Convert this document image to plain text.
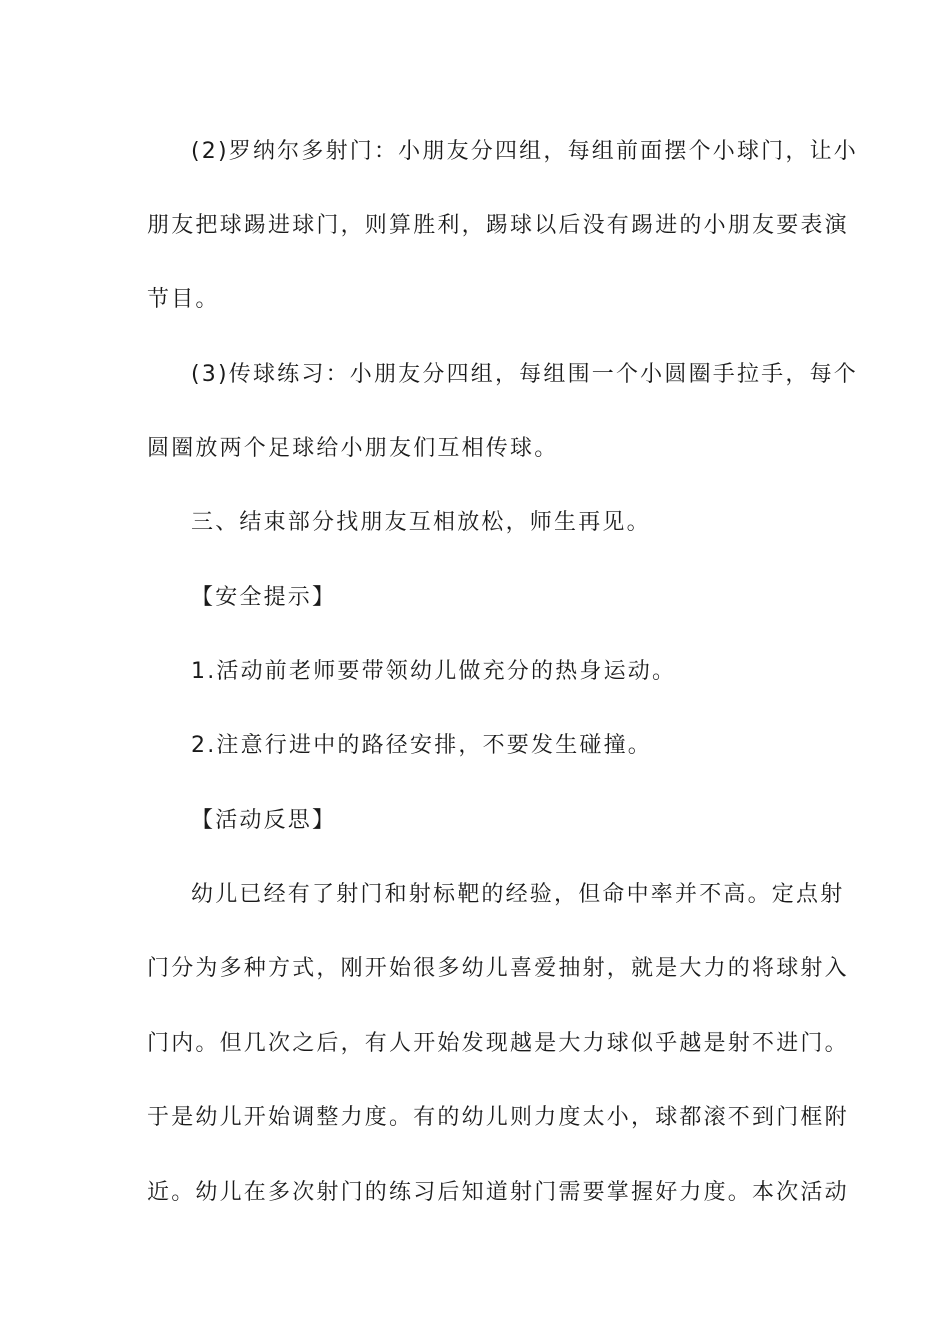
(2)罗纳尔多射门：小朋友分四组，每组前面摆个小球门，让小
朋友把球踢进球门，则算胜利，踢球以后没有踢进的小朋友要表演
节目。
(3)传球练习：小朋友分四组，每组围一个小圆圈手拉手，每个
圆圈放两个足球给小朋友们互相传球。
三、结束部分找朋友互相放松，师生再见。
【安全提示】
1.活动前老师要带领幼儿做充分的热身运动。
2.注意行进中的路径安排，不要发生碰撞。
【活动反思】
幼儿已经有了射门和射标靶的经验，但命中率并不高。定点射
门分为多种方式，刚开始很多幼儿喜爱抽射，就是大力的将球射入
门内。但几次之后，有人开始发现越是大力球似乎越是射不进门。
于是幼儿开始调整力度。有的幼儿则力度太小，球都滚不到门框附
近。幼儿在多次射门的练习后知道射门需要掌握好力度。本次活动
